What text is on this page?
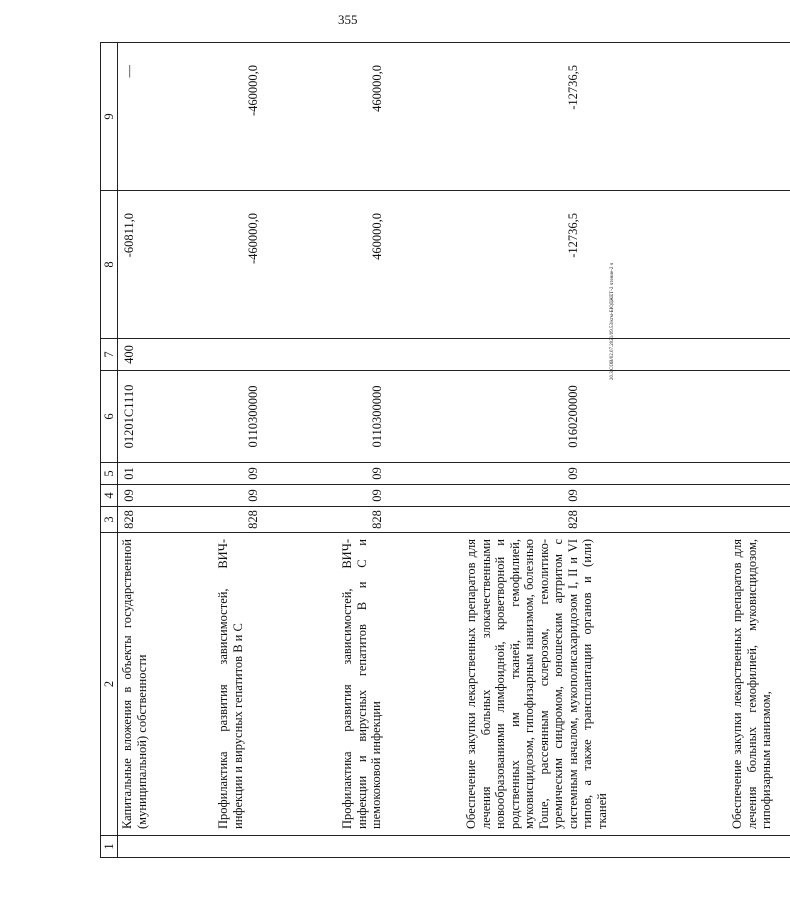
355
20.3/СОВ/02.07.2021/09.53/ктм-БЮДЖЕТ-2 чтение-2 ч
1	2	3	4	5	6	7	8	9
	Капитальные вложения в объекты государственной (муниципальной) собственности	828	09	01	01201С1110	400	-60811,0	—
	Профилактика развития зависимостей, ВИЧ-инфекции и вирусных гепатитов В и С	828	09	09	0110300000		-460000,0	-460000,0
	Профилактика развития зависимостей, ВИЧ-инфекции и вирусных гепатитов В и С и шемококовой инфекции	828	09	09	0110300000		460000,0	460000,0
	Обеспечение закупки лекарственных препаратов для лечения больных злокачественными новообразованиями лимфоидной, кроветворной и родственных им тканей, гемофилией, муковисцидозом, гипофизарным нанизмом, болезнью Гоше, рассеянным склерозом, гемолитико-уремическим синдромом, юношеским артритом с системным началом, мукополисахаридозом I, II и VI типов, а также трансплантации органов и (или) тканей	828	09	09	0160200000		-12736,5	-12736,5
	Обеспечение закупки лекарственных препаратов для лечения больных гемофилией, муковисцидозом, гипофизарным нанизмом,							
